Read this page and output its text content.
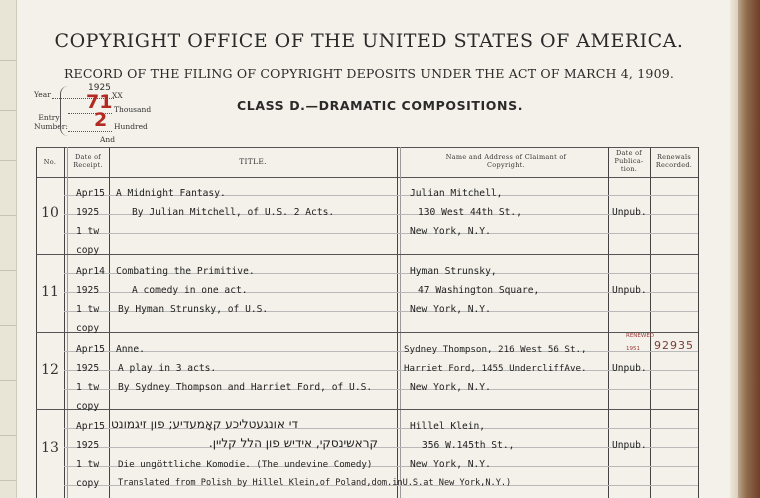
COPYRIGHT OFFICE OF THE UNITED STATES OF AMERICA.
RECORD OF THE FILING OF COPYRIGHT DEPOSITS UNDER THE ACT OF MARCH 4, 1909.
CLASS D.—DRAMATIC COMPOSITIONS.
Year
1925
XX
Entry Number:
71 Thousand
2 Hundred
And
No.
Date of Receipt.	TITLE.	Name and Address of Claimant of Copyright.
Date of Publica-tion.
Renewals Recorded.
10
Apr15
1925
1 tw
copy
A Midnight Fantasy.
By Julian Mitchell, of U.S. 2 Acts.
Julian Mitchell,
130 West 44th St.,
New York, N.Y.
Unpub.
11
Apr14
1925
1 tw
copy
Combating the Primitive.
A comedy in one act.
By Hyman Strunsky, of U.S.
Hyman Strunsky,
47 Washington Square,
New York, N.Y.
Unpub.
12
Apr15
1925
1 tw
copy
Anne.
A play in 3 acts.
By Sydney Thompson and Harriet Ford, of U.S.
Sydney Thompson, 216 West 56 St.,
Harriet Ford, 1455 UndercliffAve.
New York, N.Y.
Unpub.
RENEWED
1951 92935
13
Apr15
1925
1 tw
copy
די אונגעטליכע קאָמעדיע; פון זיגמונט
קראשינסקי, אידיש פון הלל קליין.
Die ungöttliche Komodie. (The undevine Comedy)
Translated from Polish by Hillel Klein,of Poland,dom.inU.S.at New York,N.Y.)
Hillel Klein,
356 W.145th St.,
New York, N.Y.
Unpub.
